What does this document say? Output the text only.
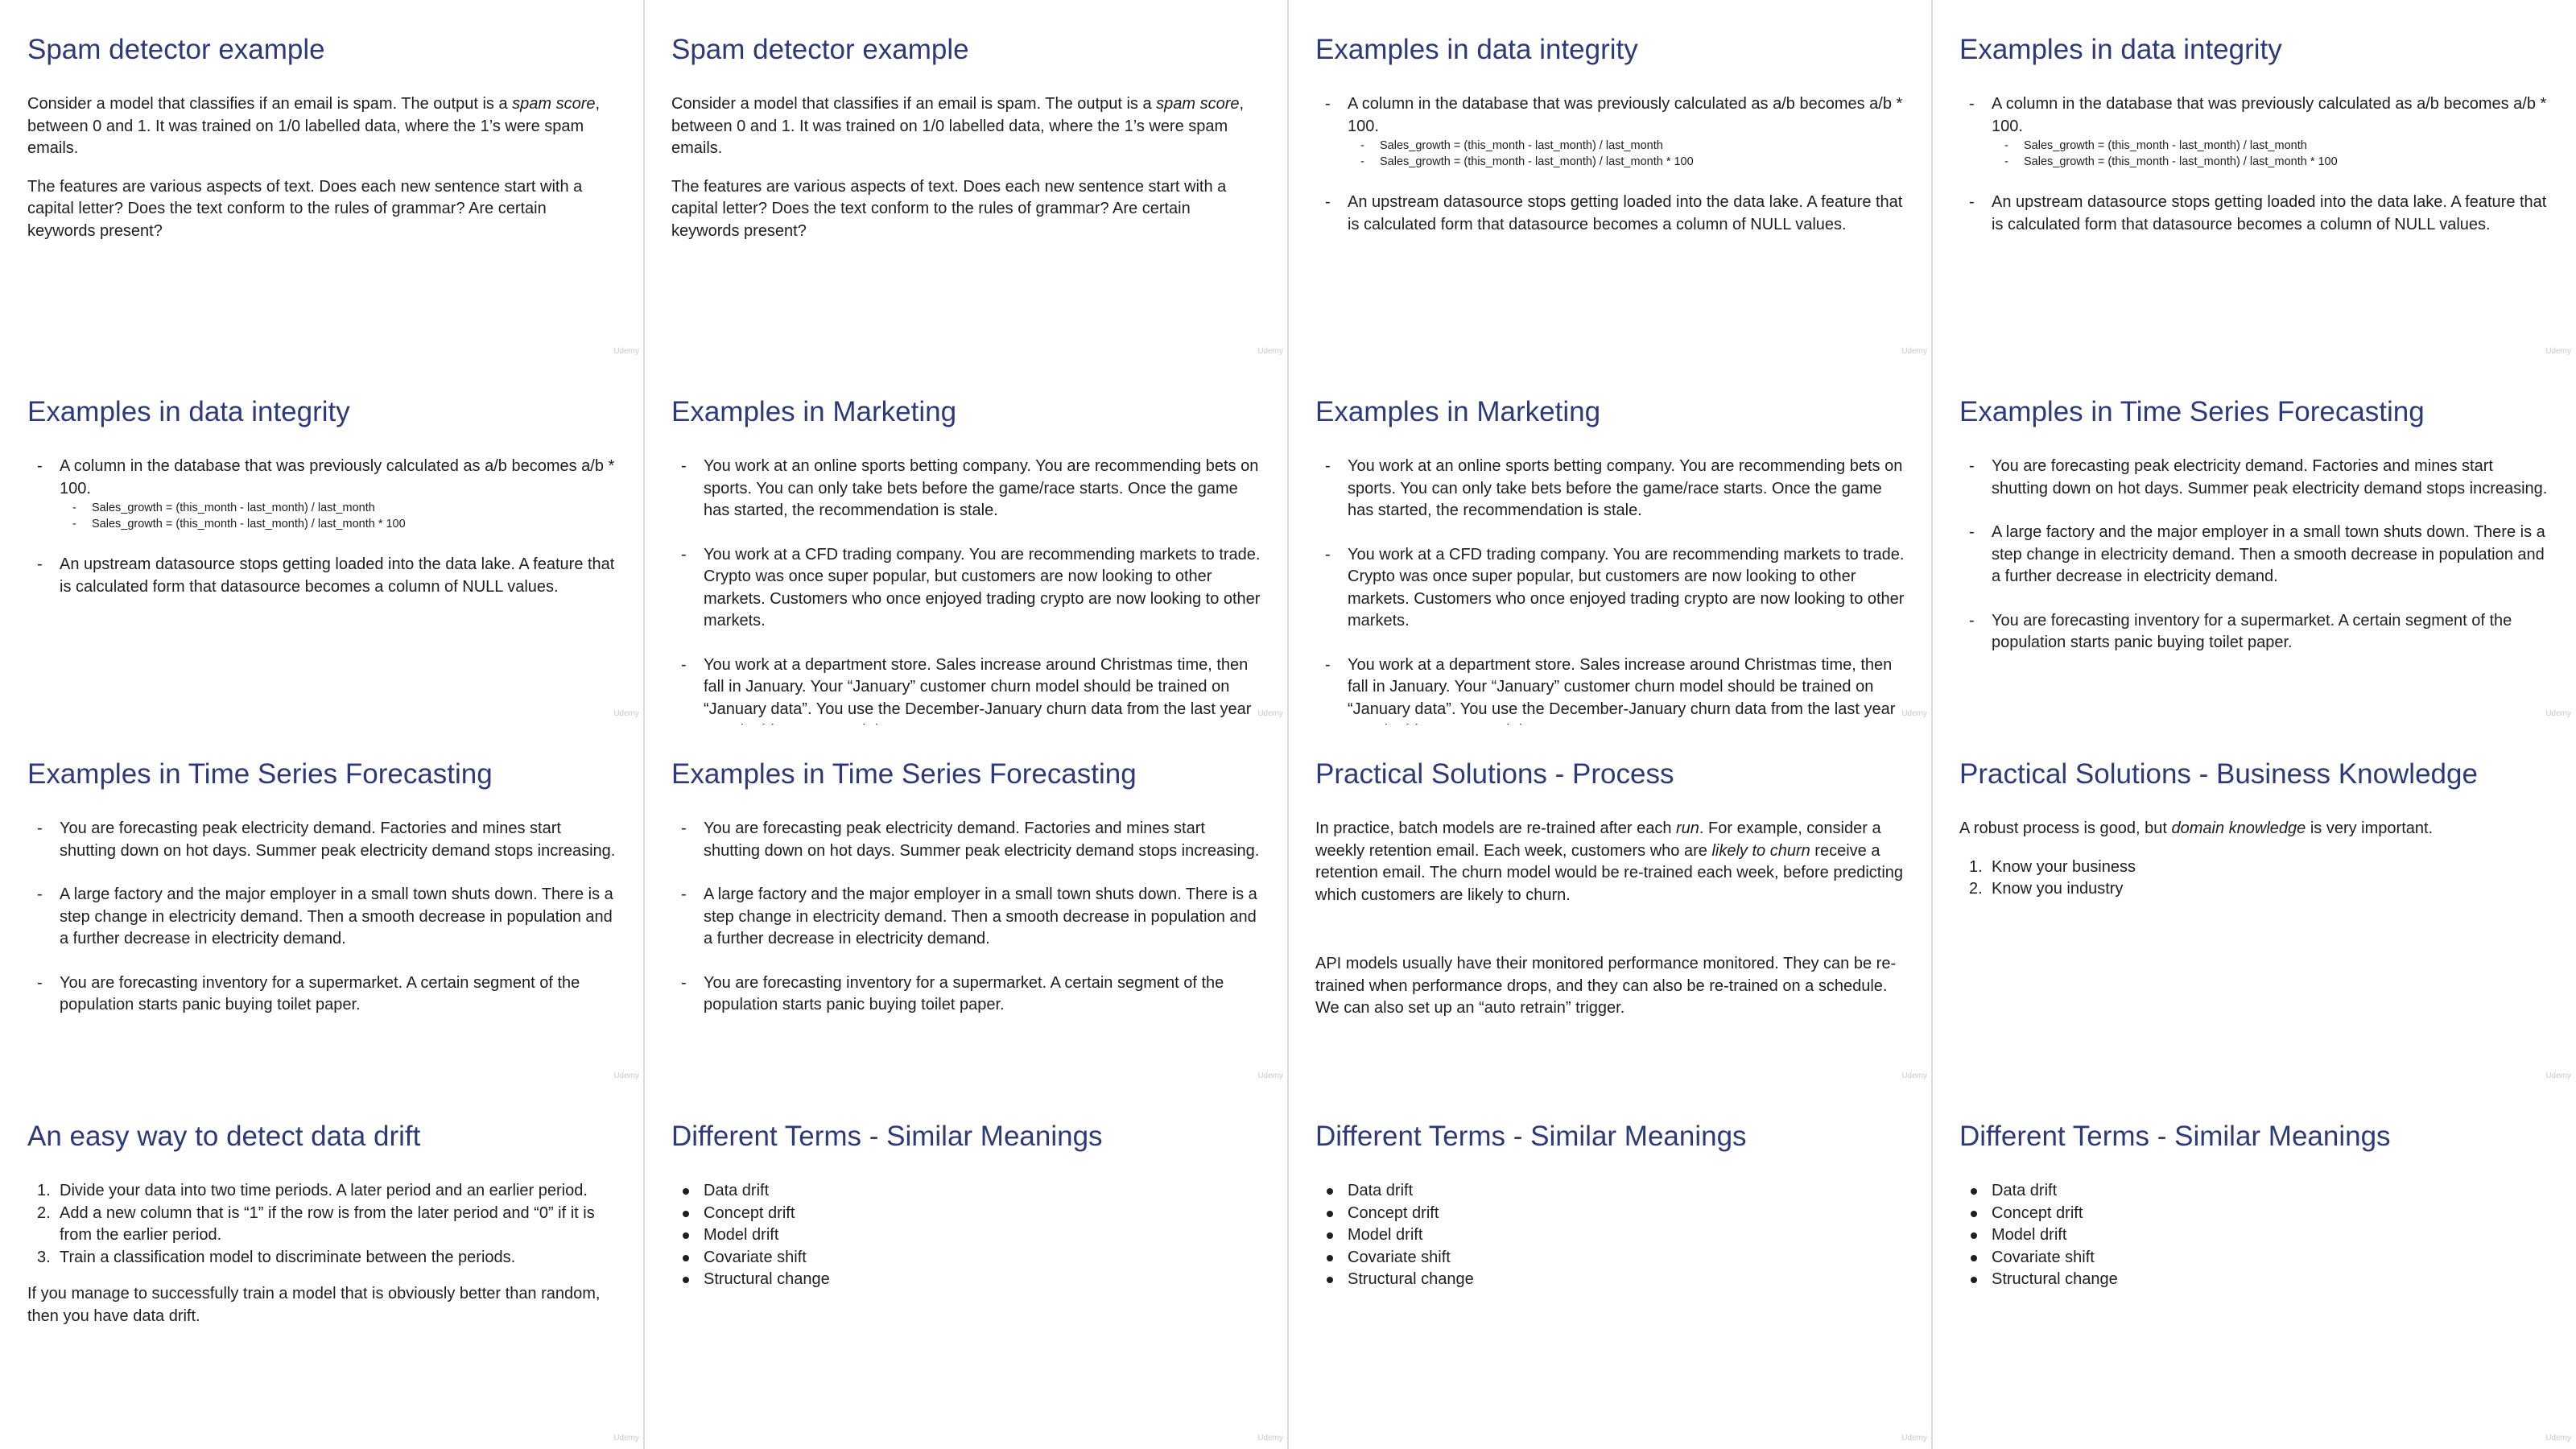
Spam detector example

Consider a model that classifies if an email is spam. The output is a spam score, between 0 and 1. It was trained on 1/0 labelled data, where the 1’s were spam emails.

The features are various aspects of text. Does each new sentence start with a capital letter? Does the text conform to the rules of grammar? Are certain keywords present?

Udemy
Spam detector example

Consider a model that classifies if an email is spam. The output is a spam score, between 0 and 1. It was trained on 1/0 labelled data, where the 1’s were spam emails.

The features are various aspects of text. Does each new sentence start with a capital letter? Does the text conform to the rules of grammar? Are certain keywords present?

Udemy
Examples in data integrity
- A column in the database that was previously calculated as a/b becomes a/b * 100.
- Sales_growth = (this_month - last_month) / last_month
- Sales_growth = (this_month - last_month) / last_month * 100
- An upstream datasource stops getting loaded into the data lake. A feature that is calculated form that datasource becomes a column of NULL values.
Udemy
Examples in data integrity
- A column in the database that was previously calculated as a/b becomes a/b * 100.
- Sales_growth = (this_month - last_month) / last_month
- Sales_growth = (this_month - last_month) / last_month * 100
- An upstream datasource stops getting loaded into the data lake. A feature that is calculated form that datasource becomes a column of NULL values.
Udemy
Examples in data integrity
- A column in the database that was previously calculated as a/b becomes a/b * 100.
- Sales_growth = (this_month - last_month) / last_month
- Sales_growth = (this_month - last_month) / last_month * 100
- An upstream datasource stops getting loaded into the data lake. A feature that is calculated form that datasource becomes a column of NULL values.
Udemy
Examples in Marketing
- You work at an online sports betting company. You are recommending bets on sports. You can only take bets before the game/race starts. Once the game has started, the recommendation is stale.
- You work at a CFD trading company. You are recommending markets to trade. Crypto was once super popular, but customers are now looking to other markets. Customers who once enjoyed trading crypto are now looking to other markets.
- You work at a department store. Sales increase around Christmas time, then fall in January. Your “January” customer churn model should be trained on “January data”. You use the December-January churn data from the last year Udemy
Examples in Marketing
- You work at an online sports betting company. You are recommending bets on sports. You can only take bets before the game/race starts. Once the game has started, the recommendation is stale.
- You work at a CFD trading company. You are recommending markets to trade. Crypto was once super popular, but customers are now looking to other markets. Customers who once enjoyed trading crypto are now looking to other markets.
- You work at a department store. Sales increase around Christmas time, then fall in January. Your “January” customer churn model should be trained on “January data”. You use the December-January churn data from the last year Udemy
Examples in Time Series Forecasting
- You are forecasting peak electricity demand. Factories and mines start shutting down on hot days. Summer peak electricity demand stops increasing.
- A large factory and the major employer in a small town shuts down. There is a step change in electricity demand. Then a smooth decrease in population and a further decrease in electricity demand.
- You are forecasting inventory for a supermarket. A certain segment of the population starts panic buying toilet paper.
Udemy
Examples in Time Series Forecasting
- You are forecasting peak electricity demand. Factories and mines start shutting down on hot days. Summer peak electricity demand stops increasing.
- A large factory and the major employer in a small town shuts down. There is a step change in electricity demand. Then a smooth decrease in population and a further decrease in electricity demand.
- You are forecasting inventory for a supermarket. A certain segment of the population starts panic buying toilet paper.
Udemy
Examples in Time Series Forecasting
- You are forecasting peak electricity demand. Factories and mines start shutting down on hot days. Summer peak electricity demand stops increasing.
- A large factory and the major employer in a small town shuts down. There is a step change in electricity demand. Then a smooth decrease in population and a further decrease in electricity demand.
- You are forecasting inventory for a supermarket. A certain segment of the population starts panic buying toilet paper.
Udemy
Practical Solutions - Process

In practice, batch models are re-trained after each run. For example, consider a weekly retention email. Each week, customers who are likely to churn receive a retention email. The churn model would be re-trained each week, before predicting which customers are likely to churn.

API models usually have their monitored performance monitored. They can be re-trained when performance drops, and they can also be re-trained on a schedule. We can also set up an “auto retrain” trigger.

Udemy
Practical Solutions - Business Knowledge

A robust process is good, but domain knowledge is very important.

1. Know your business
2. Know you industry
Udemy
An easy way to detect data drift
1. Divide your data into two time periods. A later period and an earlier period.
2. Add a new column that is “1” if the row is from the later period and “0” if it is from the earlier period.
3. Train a classification model to discriminate between the periods.

If you manage to successfully train a model that is obviously better than random, then you have data drift.

Udemy
Different Terms - Similar Meanings
Data drift
Concept drift
Model drift
Covariate shift
Structural change
Udemy
Different Terms - Similar Meanings
Data drift
Concept drift
Model drift
Covariate shift
Structural change
Udemy
Different Terms - Similar Meanings
Data drift
Concept drift
Model drift
Covariate shift
Structural change
Udemy
